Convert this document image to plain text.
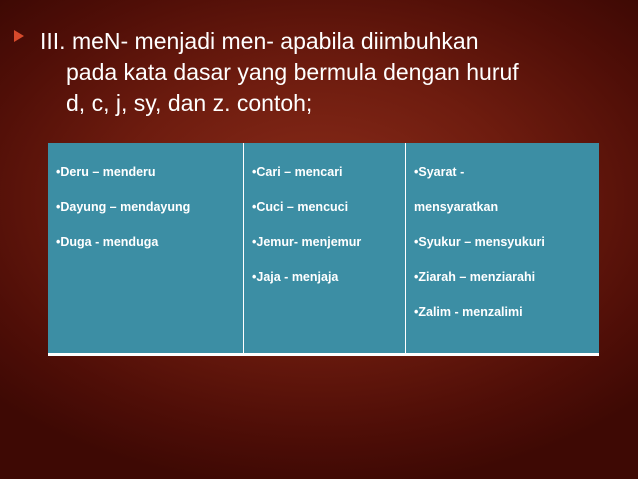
III. meN- menjadi men- apabila diimbuhkan
pada kata dasar yang bermula dengan huruf
d, c, j, sy, dan z. contoh;
•Deru – menderu
•Dayung – mendayung
•Duga - menduga
•Cari – mencari
•Cuci – mencuci
•Jemur- menjemur
•Jaja - menjaja
•Syarat -
mensyaratkan
•Syukur – mensyukuri
•Ziarah – menziarahi
•Zalim - menzalimi
